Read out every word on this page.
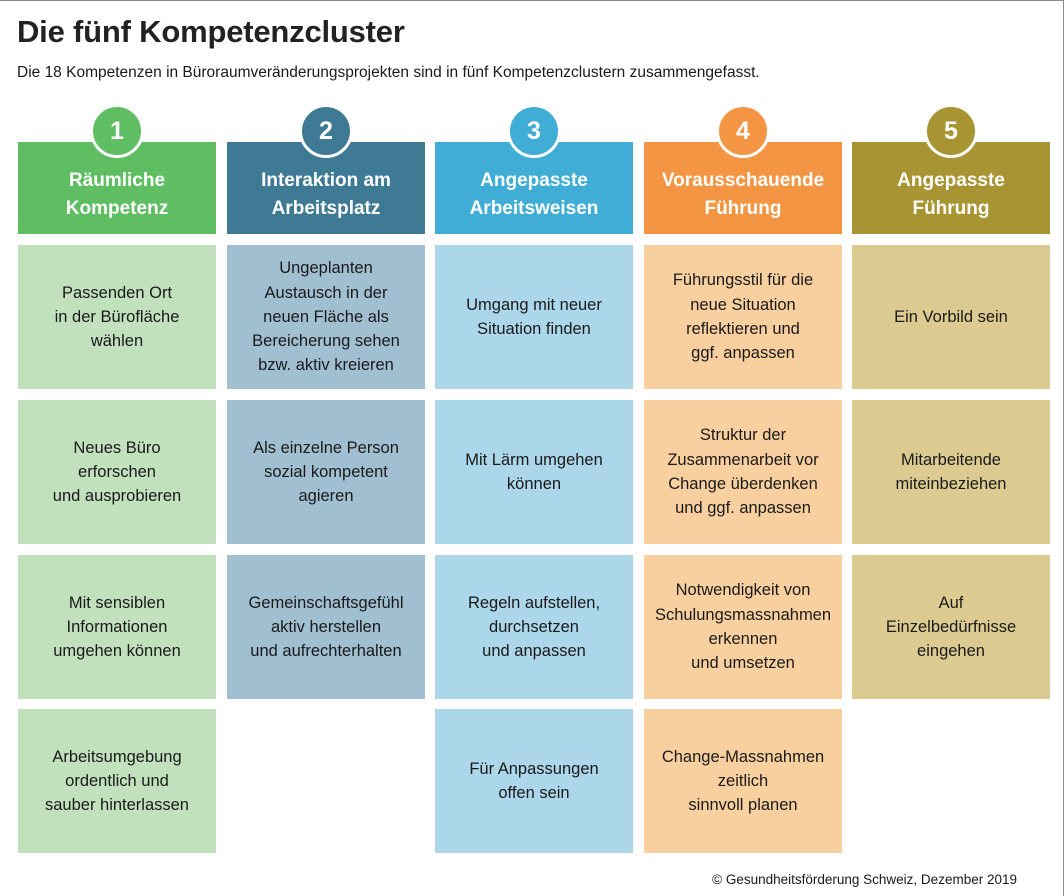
Die fünf Kompetenzcluster

Die 18 Kompetenzen in Büroraumveränderungsprojekten sind in fünf Kompetenzclustern zusammengefasst.

1
Räumliche
Kompetenz
Passenden Ort
in der Bürofläche
wählen
Neues Büro
erforschen
und ausprobieren
Mit sensiblen
Informationen
umgehen können
Arbeitsumgebung
ordentlich und
sauber hinterlassen
2
Interaktion am
Arbeitsplatz
Ungeplanten
Austausch in der
neuen Fläche als
Bereicherung sehen
bzw. aktiv kreieren
Als einzelne Person
sozial kompetent
agieren
Gemeinschaftsgefühl
aktiv herstellen
und aufrechterhalten
3
Angepasste
Arbeitsweisen
Umgang mit neuer
Situation finden
Mit Lärm umgehen
können
Regeln aufstellen,
durchsetzen
und anpassen
Für Anpassungen
offen sein
4
Vorausschauende
Führung
Führungsstil für die
neue Situation
reflektieren und
ggf. anpassen
Struktur der
Zusammenarbeit vor
Change überdenken
und ggf. anpassen
Notwendigkeit von
Schulungsmassnahmen
erkennen
und umsetzen
Change-Massnahmen
zeitlich
sinnvoll planen
5
Angepasste
Führung
Ein Vorbild sein
Mitarbeitende
miteinbeziehen
Auf
Einzelbedürfnisse
eingehen

© Gesundheitsförderung Schweiz, Dezember 2019
